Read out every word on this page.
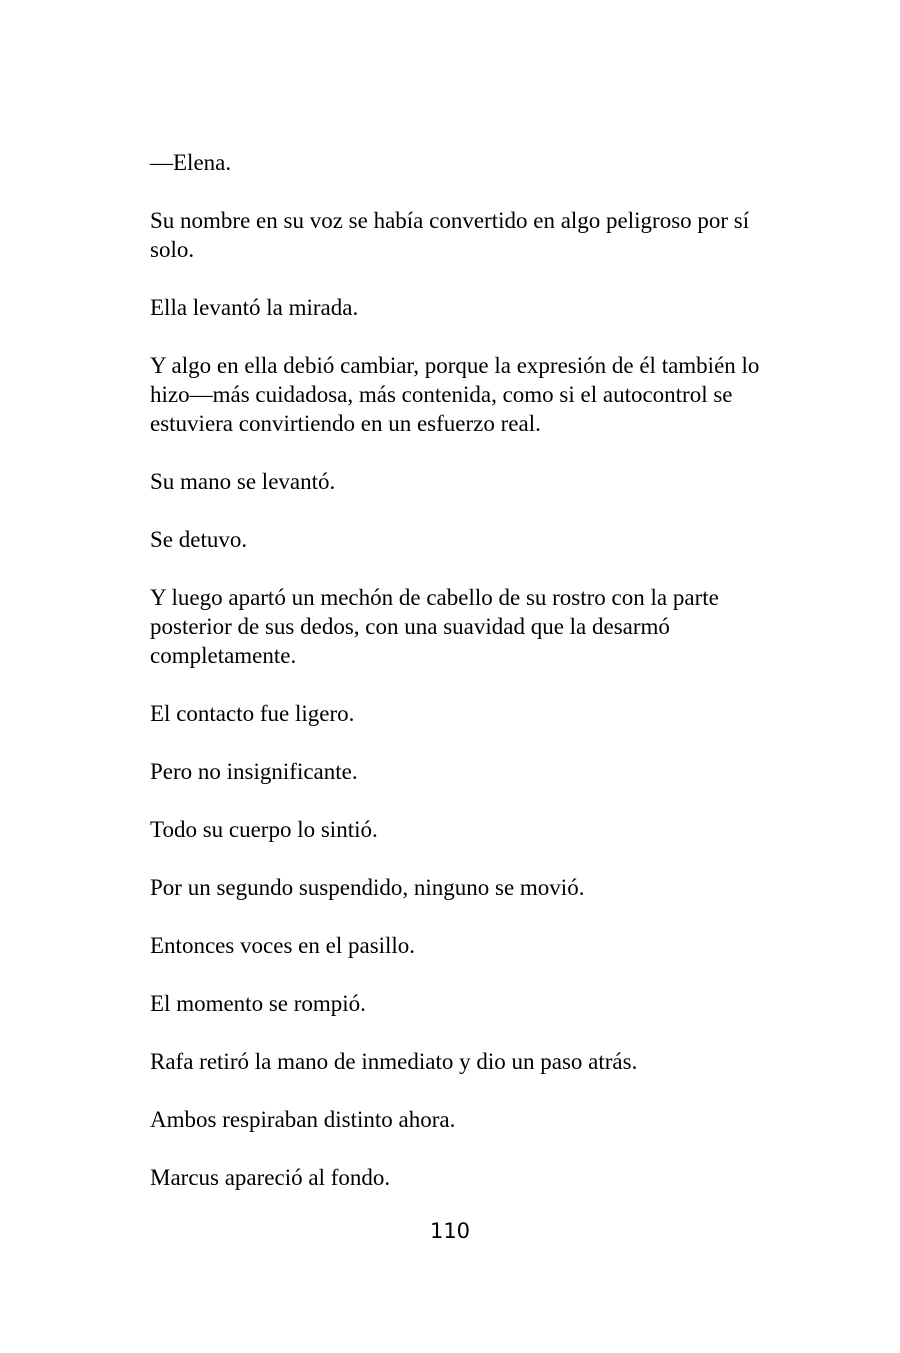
—Elena.

Su nombre en su voz se había convertido en algo peligroso por sí solo.

Ella levantó la mirada.

Y algo en ella debió cambiar, porque la expresión de él también lo hizo—más cuidadosa, más contenida, como si el autocontrol se estuviera convirtiendo en un esfuerzo real.

Su mano se levantó.

Se detuvo.

Y luego apartó un mechón de cabello de su rostro con la parte posterior de sus dedos, con una suavidad que la desarmó completamente.

El contacto fue ligero.

Pero no insignificante.

Todo su cuerpo lo sintió.

Por un segundo suspendido, ninguno se movió.

Entonces voces en el pasillo.

El momento se rompió.

Rafa retiró la mano de inmediato y dio un paso atrás.

Ambos respiraban distinto ahora.

Marcus apareció al fondo.

110
